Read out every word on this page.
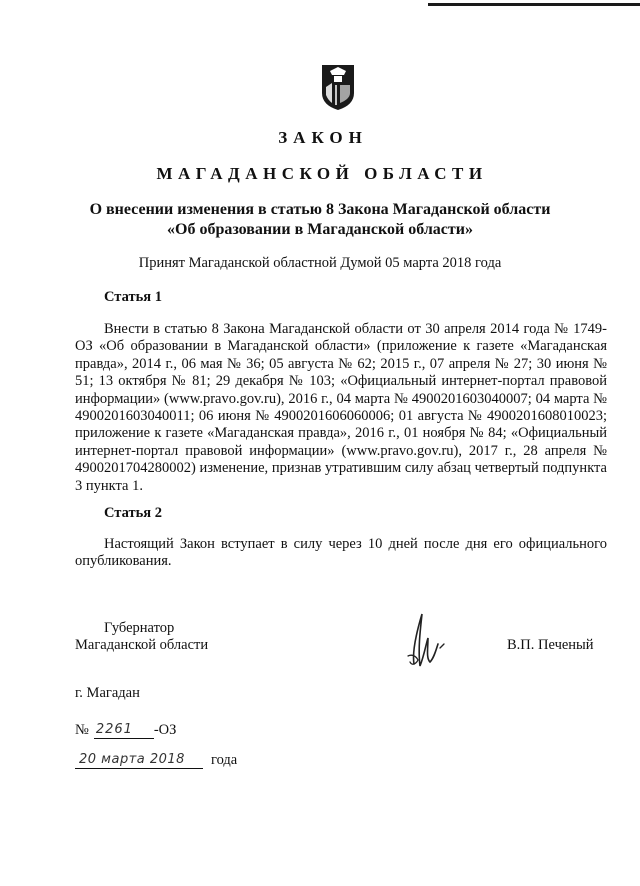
ЗАКОН
МАГАДАНСКОЙ ОБЛАСТИ
О внесении изменения в статью 8 Закона Магаданской области
«Об образовании в Магаданской области»
Принят Магаданской областной Думой 05 марта 2018 года
Статья 1

Внести в статью 8 Закона Магаданской области от 30 апреля 2014 года № 1749-ОЗ «Об образовании в Магаданской области» (приложение к газете «Магаданская правда», 2014 г., 06 мая № 36; 05 августа № 62; 2015 г., 07 апреля № 27; 30 июня № 51; 13 октября № 81; 29 декабря № 103; «Официальный интернет-портал правовой информации» (www.pravo.gov.ru), 2016 г., 04 марта № 4900201603040007; 04 марта № 4900201603040011; 06 июня № 4900201606060006; 01 августа № 4900201608010023; приложение к газете «Магаданская правда», 2016 г., 01 ноября № 84; «Официальный интернет-портал правовой информации» (www.pravo.gov.ru), 2017 г., 28 апреля № 4900201704280002) изменение, признав утратившим силу абзац четвертый подпункта 3 пункта 1.

Статья 2

Настоящий Закон вступает в силу через 10 дней после дня его официального опубликования.

Губернатор
Магаданской области	В.П. Печеный
г. Магадан
№ 2261 -ОЗ
20 марта 2018 года
